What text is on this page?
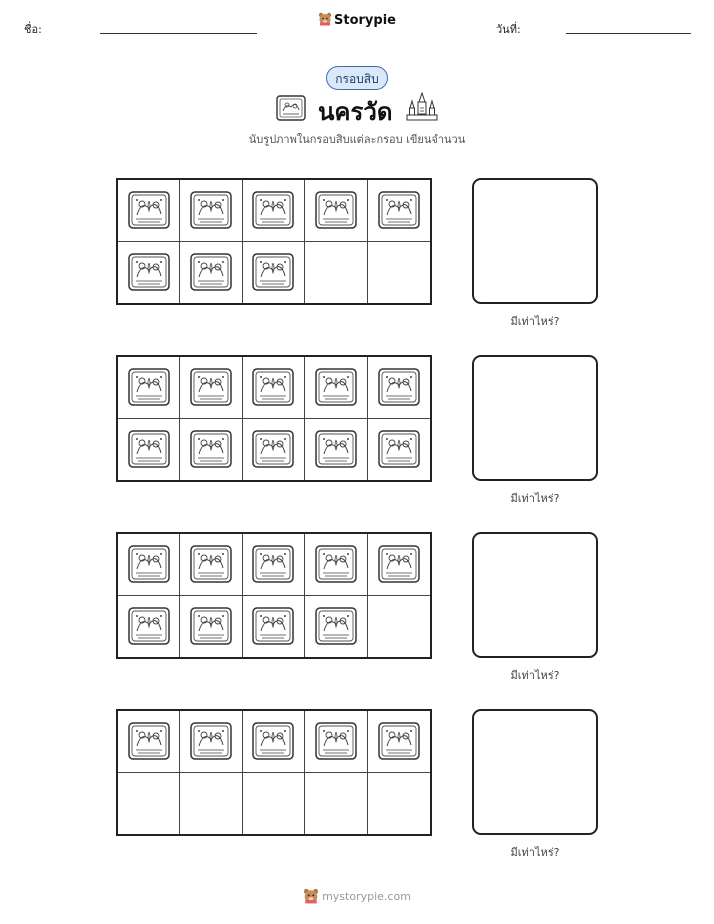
ชื่อ:
Storypie
วันที่:
กรอบสิบ
นครวัด
นับรูปภาพในกรอบสิบแต่ละกรอบ เขียนจำนวน
มีเท่าไหร่?
มีเท่าไหร่?
มีเท่าไหร่?
มีเท่าไหร่?
mystorypie.com
